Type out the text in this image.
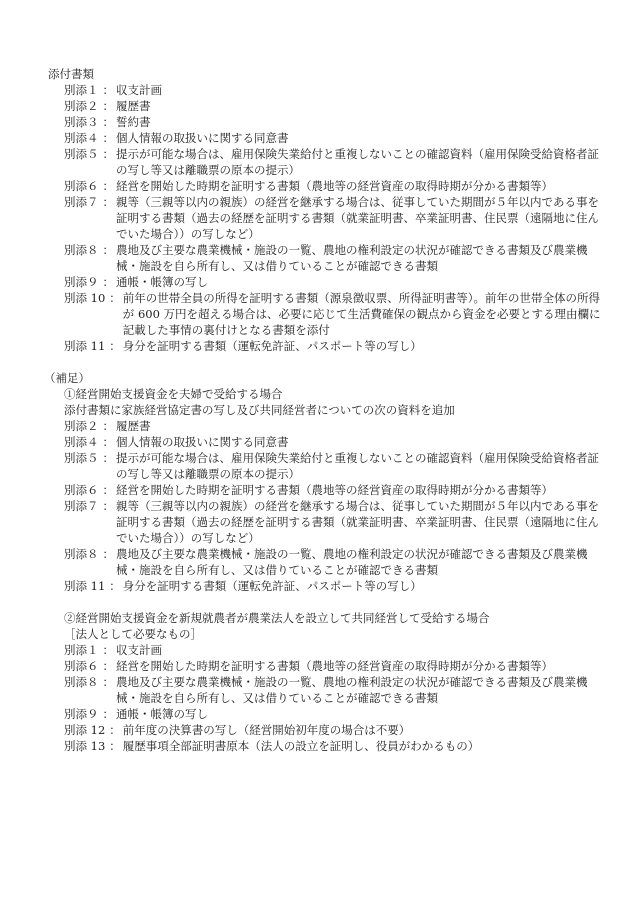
添付書類
別添１ ： 収支計画
別添２ ： 履歴書
別添３ ： 誓約書
別添４ ： 個人情報の取扱いに関する同意書
別添５ ： 提示が可能な場合は、雇用保険失業給付と重複しないことの確認資料（雇用保険受給資格者証の写し等又は離職票の原本の提示）
別添６ ： 経営を開始した時期を証明する書類（農地等の経営資産の取得時期が分かる書類等）
別添７ ： 親等（三親等以内の親族）の経営を継承する場合は、従事していた期間が５年以内である事を証明する書類（過去の経歴を証明する書類（就業証明書、卒業証明書、住民票（遠隔地に住んでいた場合））の写しなど）
別添８ ： 農地及び主要な農業機械・施設の一覧、農地の権利設定の状況が確認できる書類及び農業機械・施設を自ら所有し、又は借りていることが確認できる書類
別添９ ： 通帳・帳簿の写し
別添 10 ： 前年の世帯全員の所得を証明する書類（源泉徴収票、所得証明書等）。前年の世帯全体の所得が 600 万円を超える場合は、必要に応じて生活費確保の観点から資金を必要とする理由欄に記載した事情の裏付けとなる書類を添付
別添 11 ： 身分を証明する書類（運転免許証、パスポート等の写し）
（補足）
①経営開始支援資金を夫婦で受給する場合
添付書類に家族経営協定書の写し及び共同経営者についての次の資料を追加
別添２ ： 履歴書
別添４ ： 個人情報の取扱いに関する同意書
別添５ ： 提示が可能な場合は、雇用保険失業給付と重複しないことの確認資料（雇用保険受給資格者証の写し等又は離職票の原本の提示）
別添６ ： 経営を開始した時期を証明する書類（農地等の経営資産の取得時期が分かる書類等）
別添７ ： 親等（三親等以内の親族）の経営を継承する場合は、従事していた期間が５年以内である事を証明する書類（過去の経歴を証明する書類（就業証明書、卒業証明書、住民票（遠隔地に住んでいた場合））の写しなど）
別添８ ： 農地及び主要な農業機械・施設の一覧、農地の権利設定の状況が確認できる書類及び農業機械・施設を自ら所有し、又は借りていることが確認できる書類
別添 11 ： 身分を証明する書類（運転免許証、パスポート等の写し）
②経営開始支援資金を新規就農者が農業法人を設立して共同経営して受給する場合
［法人として必要なもの］
別添１ ： 収支計画
別添６ ： 経営を開始した時期を証明する書類（農地等の経営資産の取得時期が分かる書類等）
別添８ ： 農地及び主要な農業機械・施設の一覧、農地の権利設定の状況が確認できる書類及び農業機械・施設を自ら所有し、又は借りていることが確認できる書類
別添９ ： 通帳・帳簿の写し
別添 12 ： 前年度の決算書の写し（経営開始初年度の場合は不要）
別添 13 ： 履歴事項全部証明書原本（法人の設立を証明し、役員がわかるもの）
